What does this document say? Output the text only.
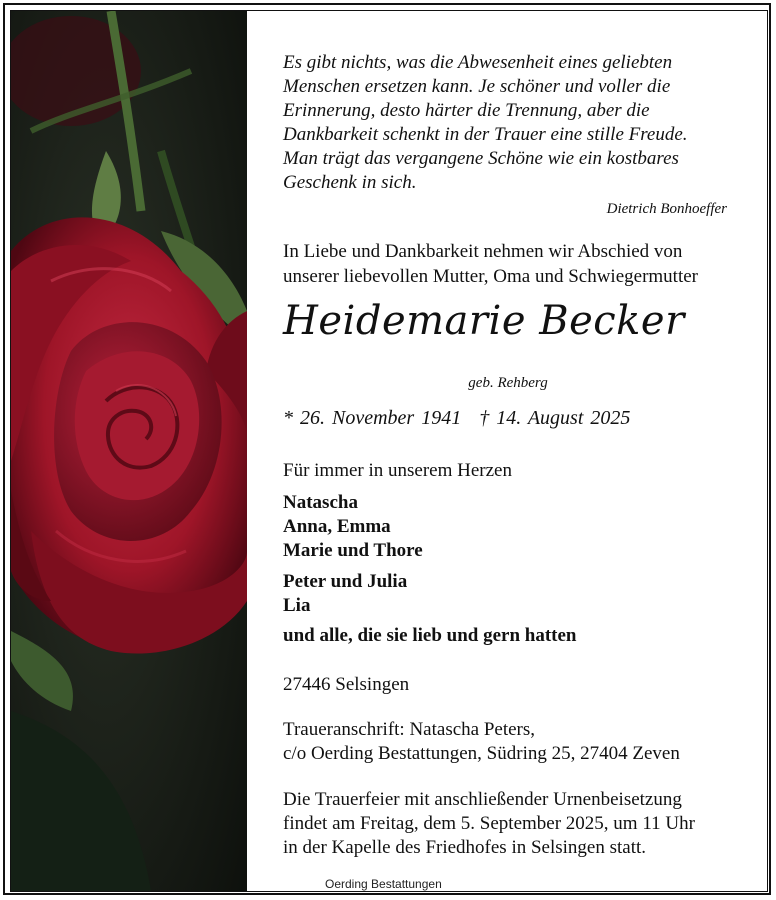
Es gibt nichts, was die Abwesenheit eines geliebten
Menschen ersetzen kann. Je schöner und voller die
Erinnerung, desto härter die Trennung, aber die
Dankbarkeit schenkt in der Trauer eine stille Freude.
Man trägt das vergangene Schöne wie ein kostbares
Geschenk in sich.
Dietrich Bonhoeffer
In Liebe und Dankbarkeit nehmen wir Abschied von
unserer liebevollen Mutter, Oma und Schwiegermutter
Heidemarie Becker
geb. Rehberg
* 26. November 1941 † 14. August 2025
Für immer in unserem Herzen
Natascha
Anna, Emma
Marie und Thore
Peter und Julia
Lia
und alle, die sie lieb und gern hatten
27446 Selsingen
Traueranschrift: Natascha Peters,
c/o Oerding Bestattungen, Südring 25, 27404 Zeven
Die Trauerfeier mit anschließender Urnenbeisetzung
findet am Freitag, dem 5. September 2025, um 11 Uhr
in der Kapelle des Friedhofes in Selsingen statt.
Oerding Bestattungen
